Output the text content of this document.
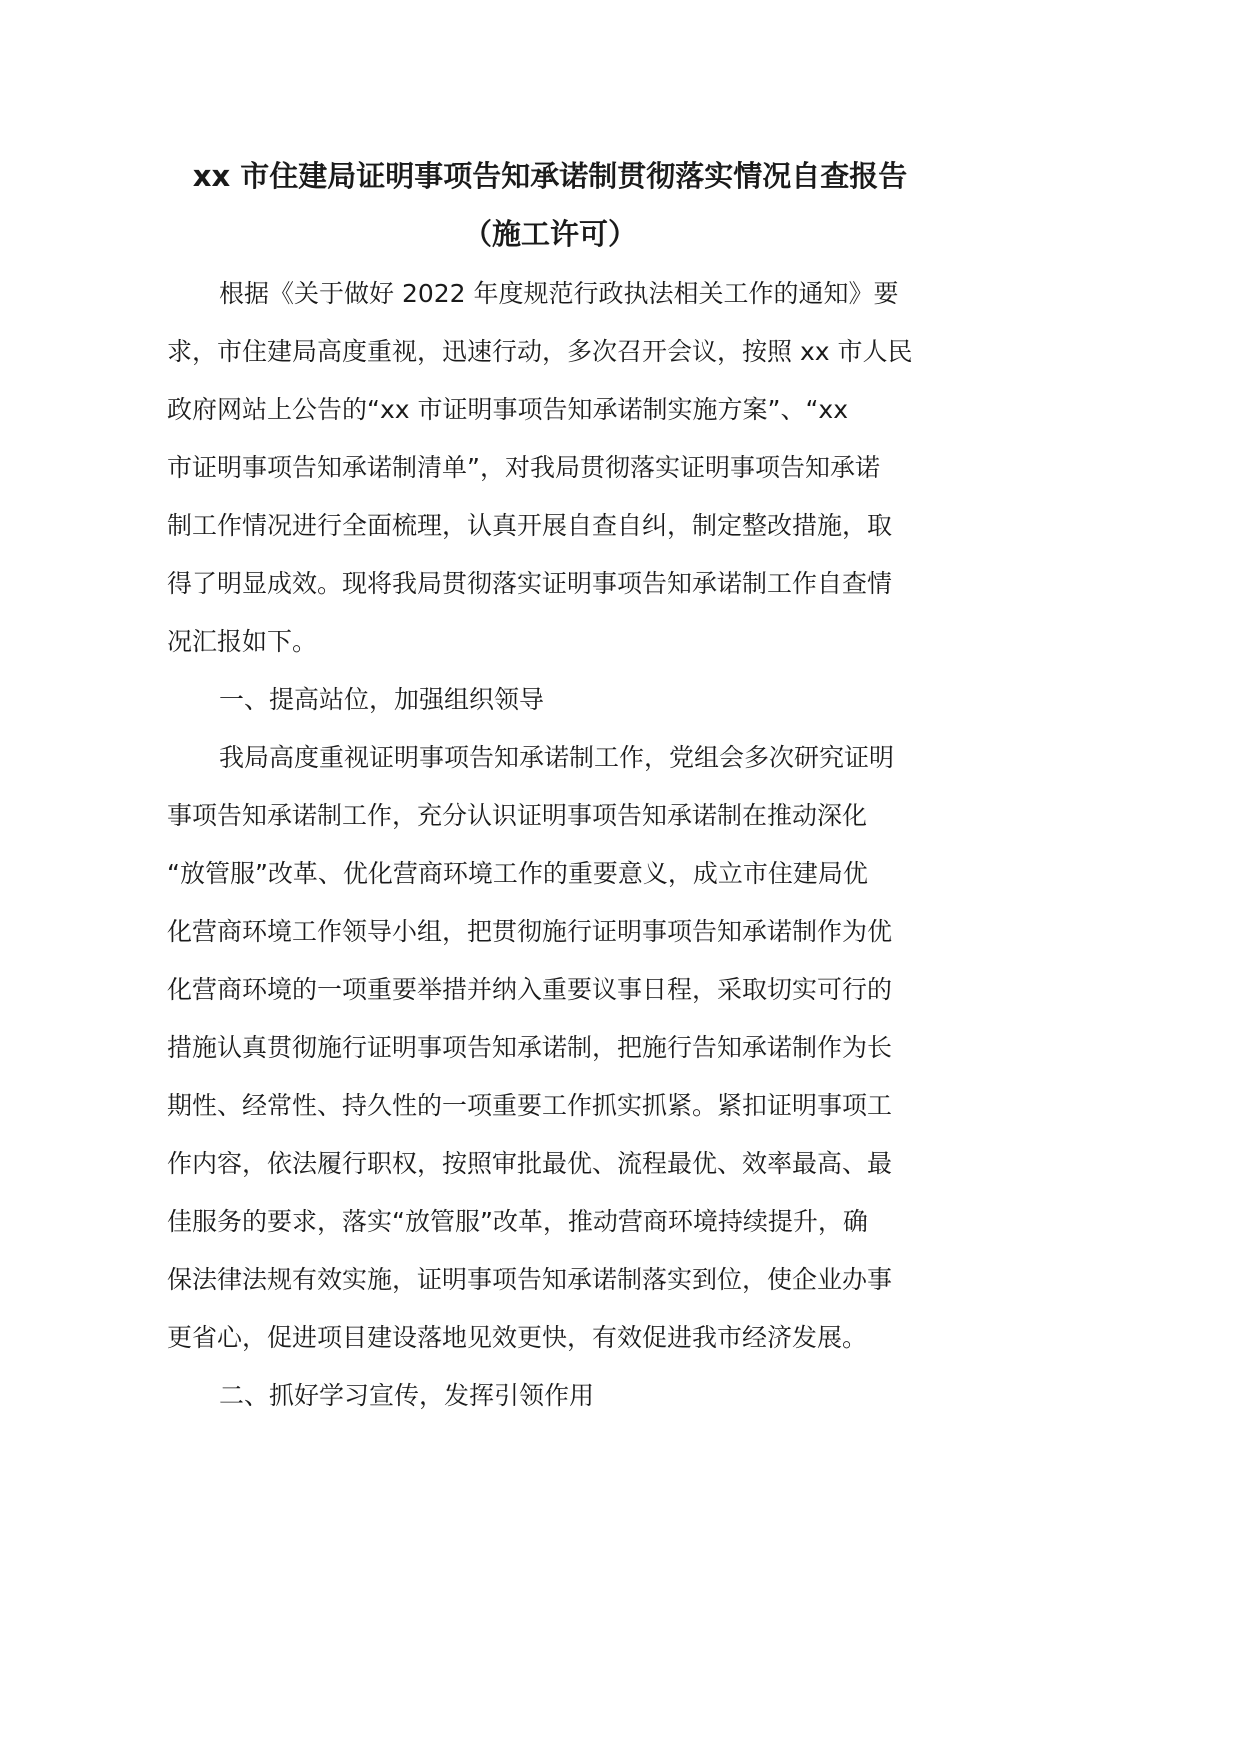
xx 市住建局证明事项告知承诺制贯彻落实情况自查报告
（施工许可）
根据《关于做好 2022 年度规范行政执法相关工作的通知》要
求，市住建局高度重视，迅速行动，多次召开会议，按照 xx 市人民
政府网站上公告的“xx 市证明事项告知承诺制实施方案”、“xx
市证明事项告知承诺制清单”，对我局贯彻落实证明事项告知承诺
制工作情况进行全面梳理，认真开展自查自纠，制定整改措施，取
得了明显成效。现将我局贯彻落实证明事项告知承诺制工作自查情
况汇报如下。
一、提高站位，加强组织领导
我局高度重视证明事项告知承诺制工作，党组会多次研究证明
事项告知承诺制工作，充分认识证明事项告知承诺制在推动深化
“放管服”改革、优化营商环境工作的重要意义，成立市住建局优
化营商环境工作领导小组，把贯彻施行证明事项告知承诺制作为优
化营商环境的一项重要举措并纳入重要议事日程，采取切实可行的
措施认真贯彻施行证明事项告知承诺制，把施行告知承诺制作为长
期性、经常性、持久性的一项重要工作抓实抓紧。紧扣证明事项工
作内容，依法履行职权，按照审批最优、流程最优、效率最高、最
佳服务的要求，落实“放管服”改革，推动营商环境持续提升，确
保法律法规有效实施，证明事项告知承诺制落实到位，使企业办事
更省心，促进项目建设落地见效更快，有效促进我市经济发展。
二、抓好学习宣传，发挥引领作用
